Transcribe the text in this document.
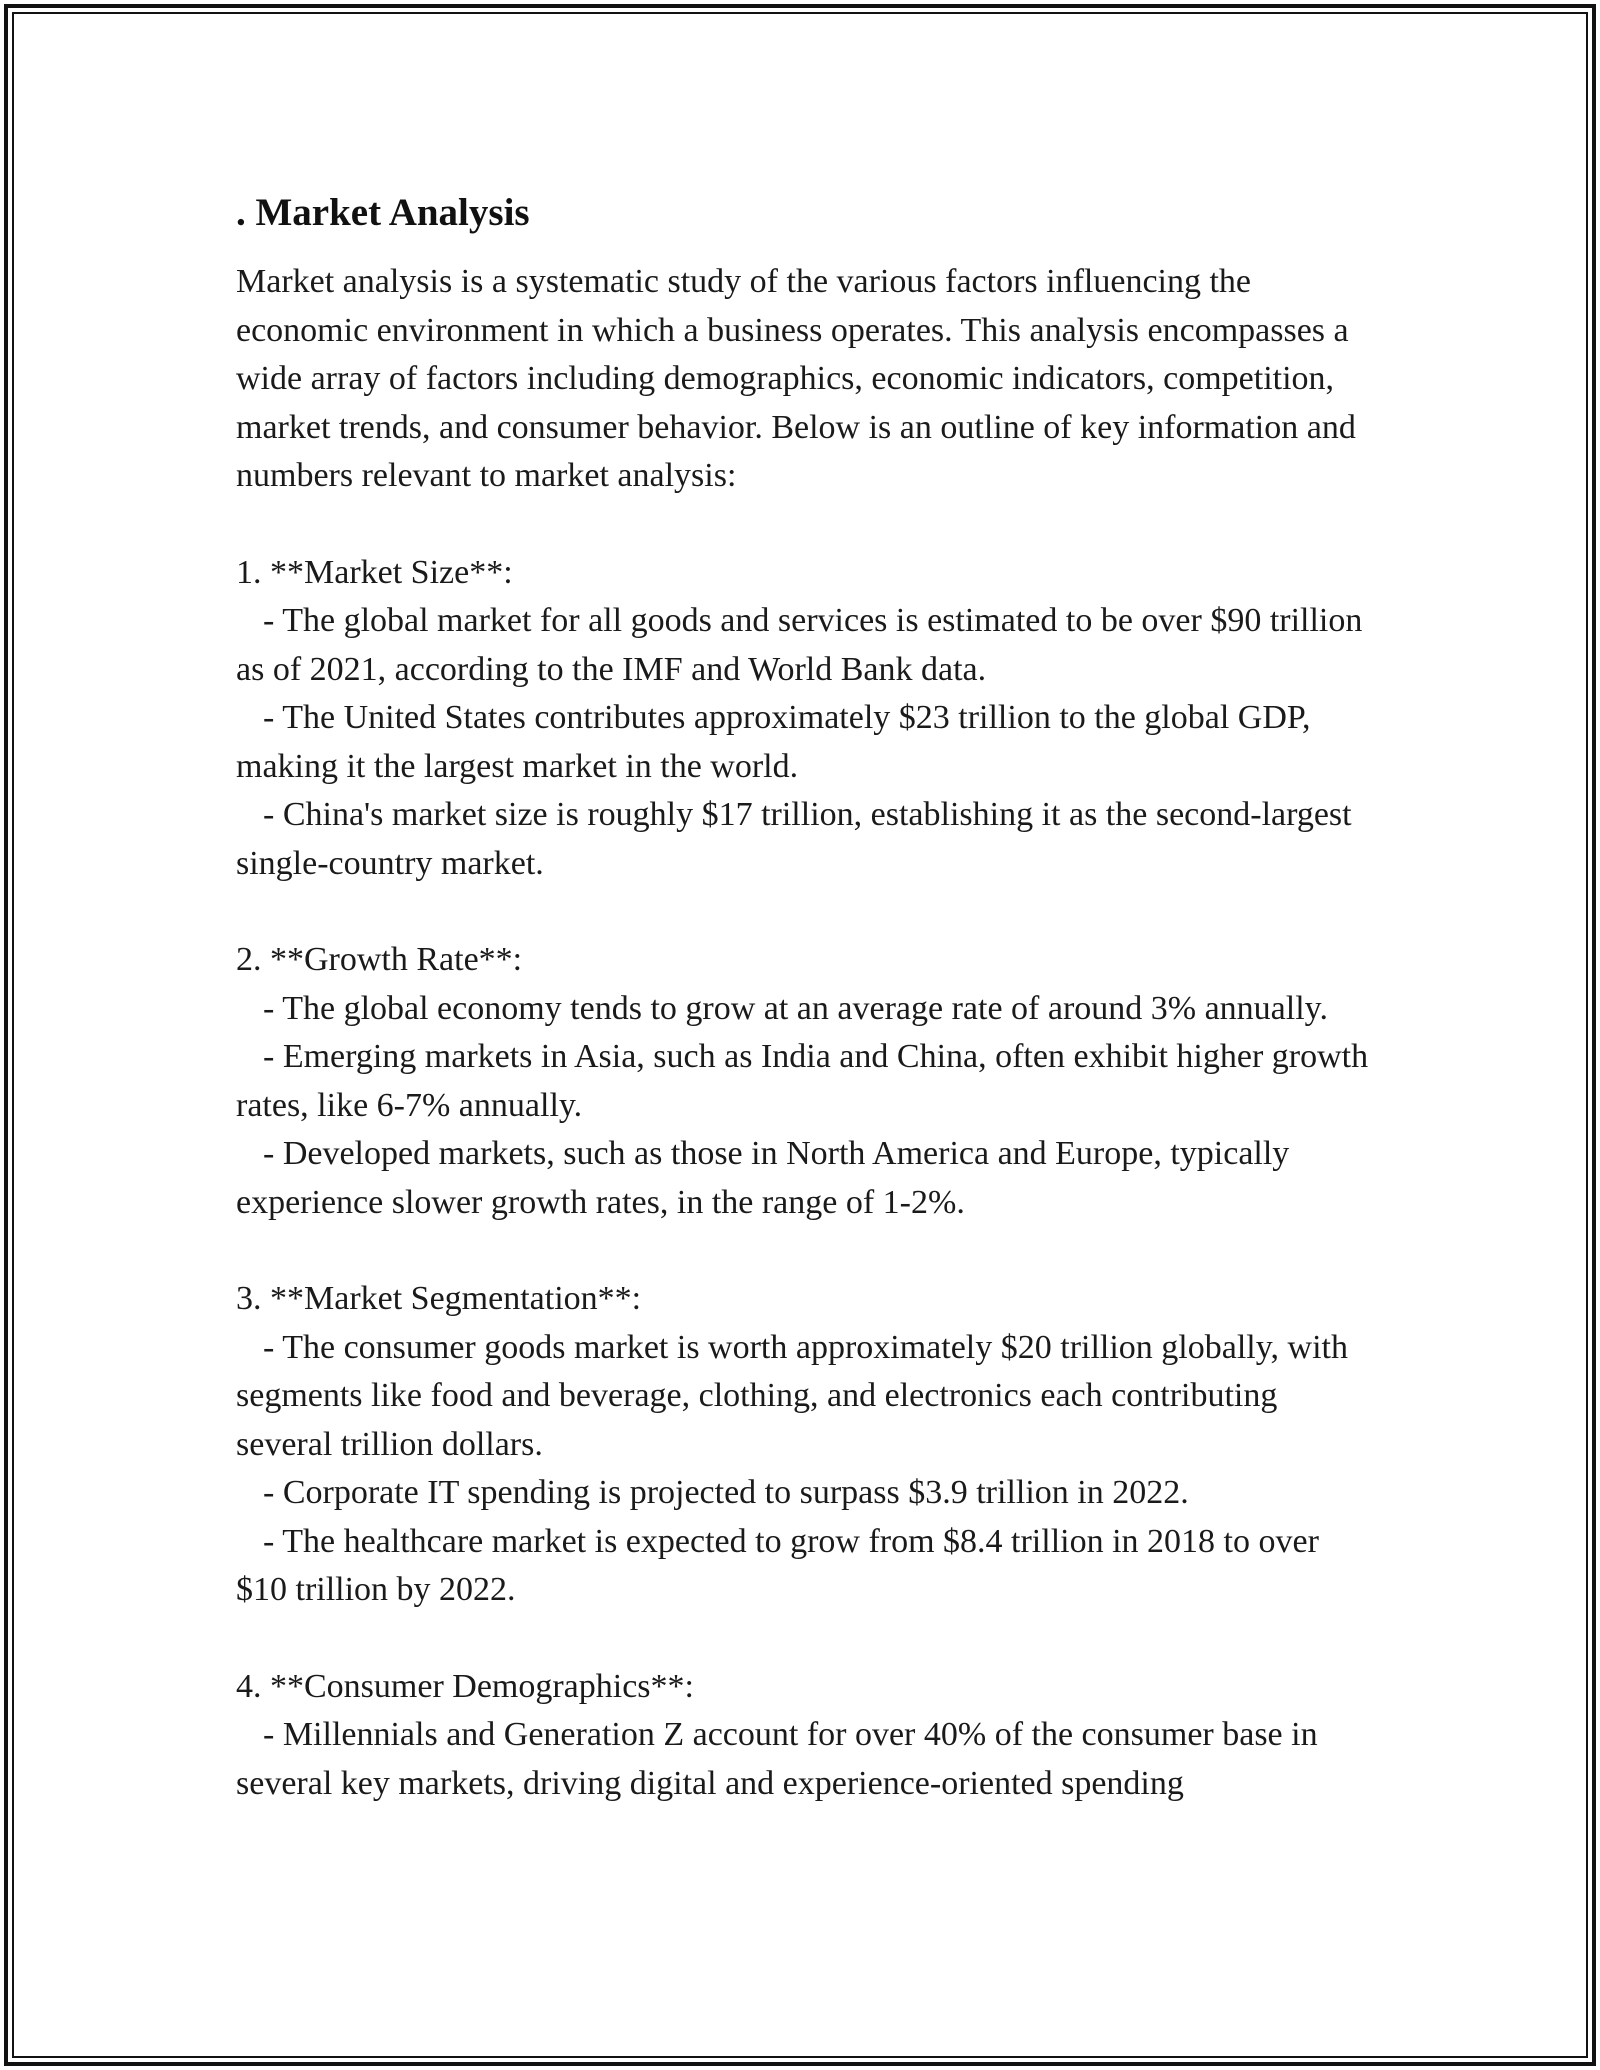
. Market Analysis

Market analysis is a systematic study of the various factors influencing the economic environment in which a business operates. This analysis encompasses a wide array of factors including demographics, economic indicators, competition, market trends, and consumer behavior. Below is an outline of key information and numbers relevant to market analysis:

1. **Market Size**:

- The global market for all goods and services is estimated to be over $90 trillion as of 2021, according to the IMF and World Bank data.

- The United States contributes approximately $23 trillion to the global GDP, making it the largest market in the world.

- China's market size is roughly $17 trillion, establishing it as the second-largest single-country market.

2. **Growth Rate**:

- The global economy tends to grow at an average rate of around 3% annually.

- Emerging markets in Asia, such as India and China, often exhibit higher growth rates, like 6-7% annually.

- Developed markets, such as those in North America and Europe, typically experience slower growth rates, in the range of 1-2%.

3. **Market Segmentation**:

- The consumer goods market is worth approximately $20 trillion globally, with segments like food and beverage, clothing, and electronics each contributing several trillion dollars.

- Corporate IT spending is projected to surpass $3.9 trillion in 2022.

- The healthcare market is expected to grow from $8.4 trillion in 2018 to over $10 trillion by 2022.

4. **Consumer Demographics**:

- Millennials and Generation Z account for over 40% of the consumer base in several key markets, driving digital and experience-oriented spending
